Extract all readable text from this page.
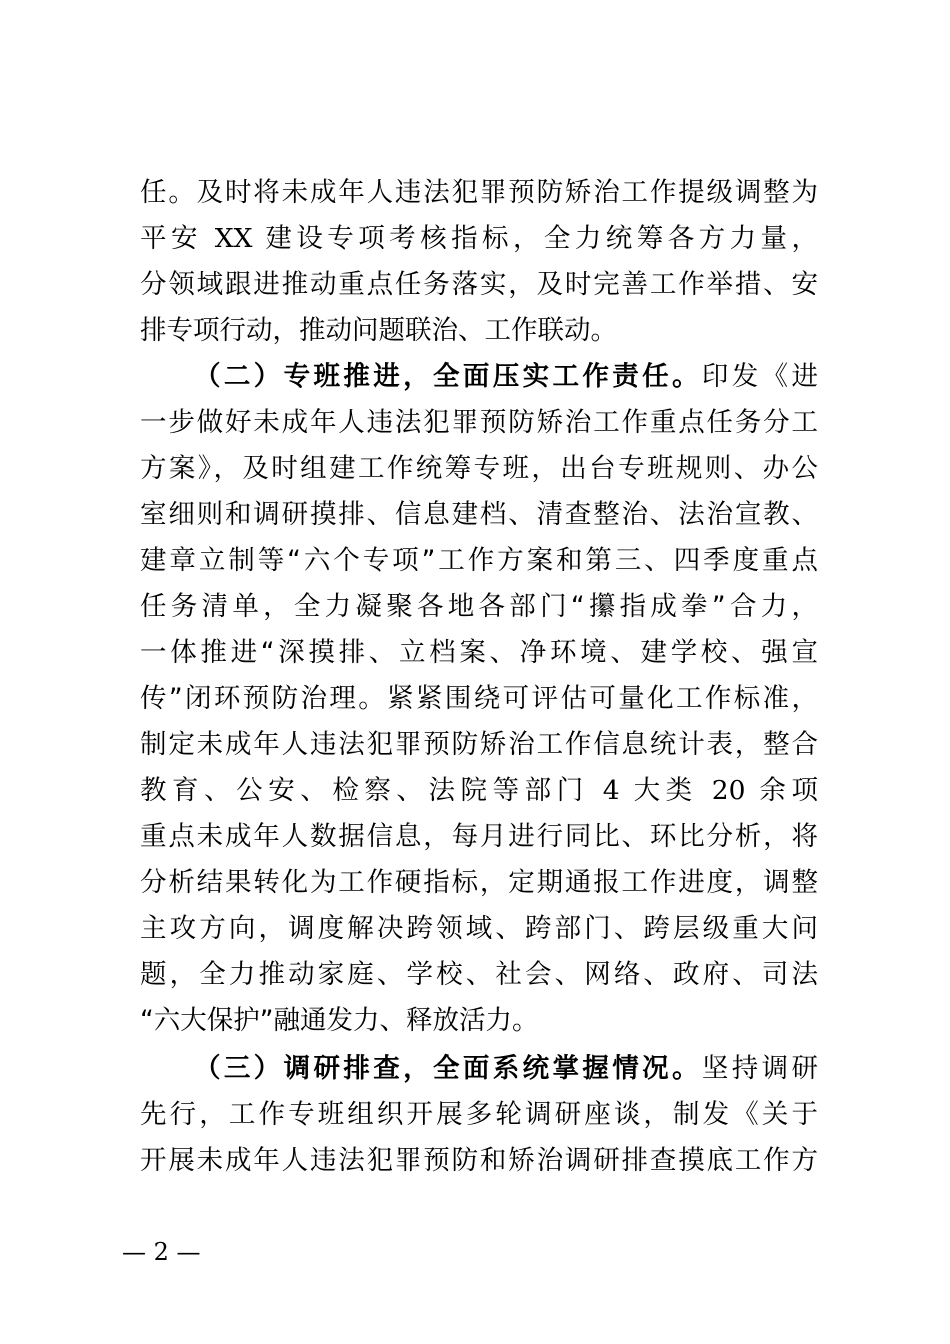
任。及时将未成年人违法犯罪预防矫治工作提级调整为
平安 XX 建设专项考核指标，全力统筹各方力量，
分领域跟进推动重点任务落实，及时完善工作举措、安
排专项行动，推动问题联治、工作联动。
（二）专班推进，全面压实工作责任。印发《进
一步做好未成年人违法犯罪预防矫治工作重点任务分工
方案》，及时组建工作统筹专班，出台专班规则、办公
室细则和调研摸排、信息建档、清查整治、法治宣教、
建章立制等“六个专项”工作方案和第三、四季度重点
任务清单，全力凝聚各地各部门“攥指成拳”合力，
一体推进“深摸排、立档案、净环境、建学校、强宣
传”闭环预防治理。紧紧围绕可评估可量化工作标准，
制定未成年人违法犯罪预防矫治工作信息统计表，整合
教育、公安、检察、法院等部门 4 大类 20 余项
重点未成年人数据信息，每月进行同比、环比分析，将
分析结果转化为工作硬指标，定期通报工作进度，调整
主攻方向，调度解决跨领域、跨部门、跨层级重大问
题，全力推动家庭、学校、社会、网络、政府、司法
“六大保护”融通发力、释放活力。
（三）调研排查，全面系统掌握情况。坚持调研
先行，工作专班组织开展多轮调研座谈，制发《关于
开展未成年人违法犯罪预防和矫治调研排查摸底工作方
— 2 —
